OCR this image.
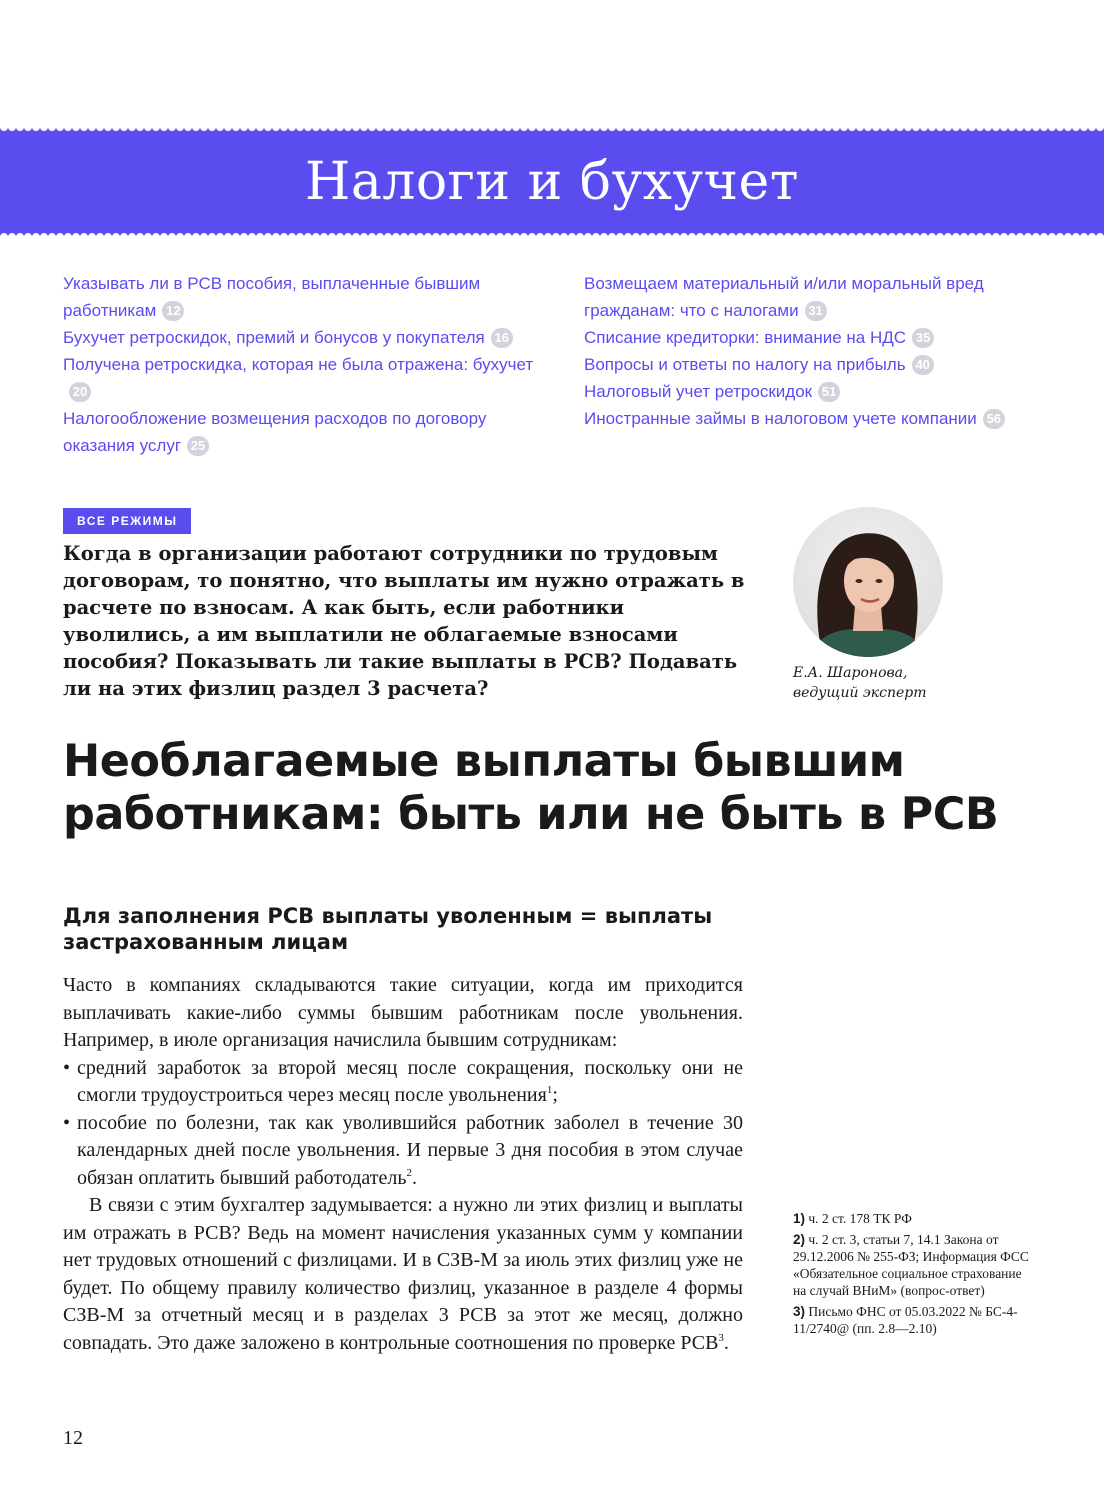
Налоги и бухучет
Указывать ли в РСВ пособия, выплаченные бывшим работникам 12
Бухучет ретроскидок, премий и бонусов у покупателя 16
Получена ретроскидка, которая не была отражена: бухучет20
Налогообложение возмещения расходов по договору оказания услуг 25
Возмещаем материальный и/или моральный вред гражданам: что с налогами 31
Списание кредиторки: внимание на НДС 35
Вопросы и ответы по налогу на прибыль 40
Налоговый учет ретроскидок 51
Иностранные займы в налоговом учете компании 56
ВСЕ РЕЖИМЫ
Когда в организации работают сотрудники по трудовым договорам, то понятно, что выплаты им нужно отражать в расчете по взносам. А как быть, если работники уволились, а им выплатили не облагаемые взносами пособия? Показывать ли такие выплаты в РСВ? Подавать ли на этих физлиц раздел 3 расчета?
Е.А. Шаронова,
ведущий эксперт
Необлагаемые выплаты бывшим работникам: быть или не быть в РСВ
Для заполнения РСВ выплаты уволенным = выплаты застрахованным лицам

Часто в компаниях складываются такие ситуации, когда им приходится выплачивать какие-либо суммы бывшим работникам после увольнения. Например, в июле организация начислила бывшим сотрудникам:

• средний заработок за второй месяц после сокращения, поскольку они не смогли трудоустроиться через месяц после увольнения$^1$;
• пособие по болезни, так как уволившийся работник заболел в течение 30 календарных дней после увольнения. И первые 3 дня пособия в этом случае обязан оплатить бывший работодатель$^2$.

В связи с этим бухгалтер задумывается: а нужно ли этих физлиц и выплаты им отражать в РСВ? Ведь на момент начисления указанных сумм у компании нет трудовых отношений с физлицами. И в СЗВ-М за июль этих физлиц уже не будет. По общему правилу количество физлиц, указанное в разделе 4 формы СЗВ-М за отчетный месяц и в разделах 3 РСВ за этот же месяц, должно совпадать. Это даже заложено в контрольные соотношения по проверке РСВ$^3$.

1) ч. 2 ст. 178 ТК РФ

2) ч. 2 ст. 3, статьи 7, 14.1 Закона от 29.12.2006 № 255-ФЗ; Информация ФСС «Обязательное социальное страхование на случай ВНиМ» (вопрос-ответ)

3) Письмо ФНС от 05.03.2022 № БС-4-11/2740@ (пп. 2.8—2.10)

12
